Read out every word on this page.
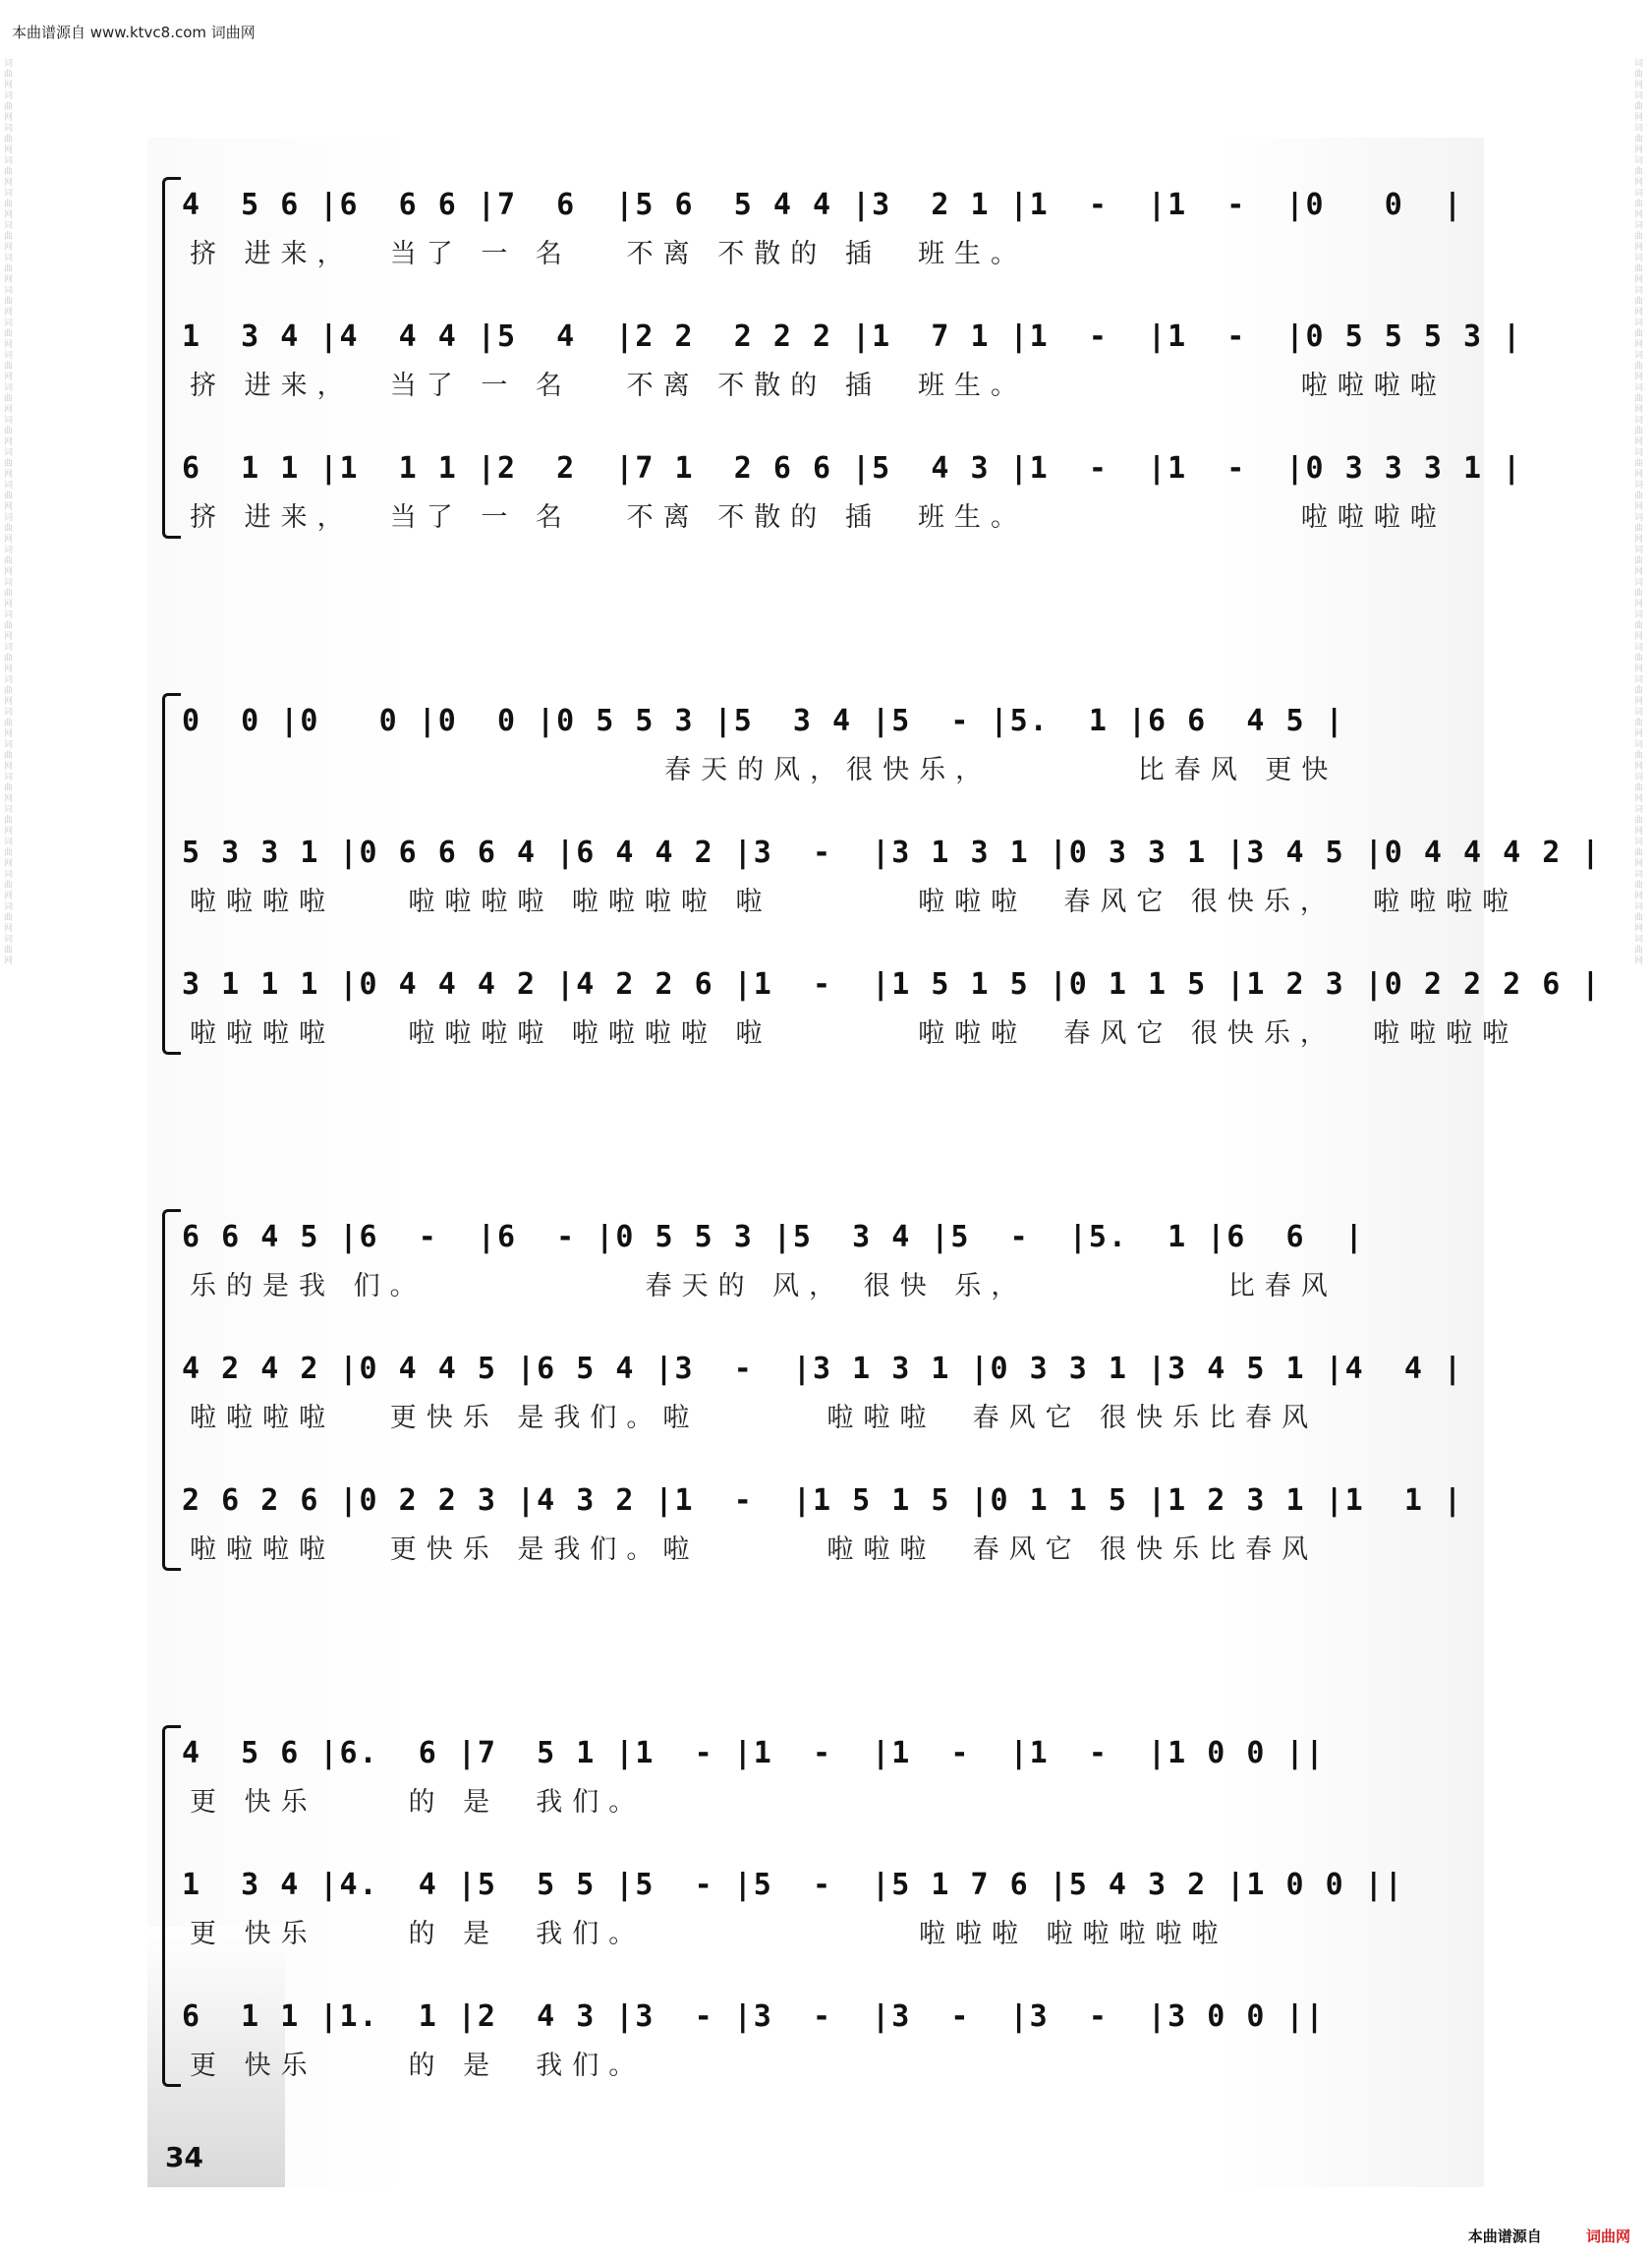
本曲谱源自 www.ktvc8.com 词曲网
词曲网词曲网词曲网词曲网词曲网词曲网词曲网词曲网词曲网词曲网词曲网词曲网词曲网词曲网词曲网词曲网词曲网词曲网词曲网词曲网词曲网词曲网词曲网词曲网词曲网词曲网词曲网词曲网
词曲网词曲网词曲网词曲网词曲网词曲网词曲网词曲网词曲网词曲网词曲网词曲网词曲网词曲网词曲网词曲网词曲网词曲网词曲网词曲网词曲网词曲网词曲网词曲网词曲网词曲网词曲网词曲网
4  5 6 |6  6 6 |7  6  |5 6  5 4 4 |3  2 1 |1  -  |1  -  |0   0  |
挤 进来，  当了 一 名   不离 不散的 插  班生。
1  3 4 |4  4 4 |5  4  |2 2  2 2 2 |1  7 1 |1  -  |1  -  |0 5 5 5 3 |
挤 进来，  当了 一 名   不离 不散的 插  班生。               啦啦啦啦
6  1 1 |1  1 1 |2  2  |7 1  2 6 6 |5  4 3 |1  -  |1  -  |0 3 3 3 1 |
挤 进来，  当了 一 名   不离 不散的 插  班生。               啦啦啦啦
0  0 |0   0 |0  0 |0 5 5 3 |5  3 4 |5  - |5.  1 |6 6  4 5 |
春天的风，很快乐，        比春风 更快
5 3 3 1 |0 6 6 6 4 |6 4 4 2 |3  -  |3 1 3 1 |0 3 3 1 |3 4 5 |0 4 4 4 2 |
啦啦啦啦    啦啦啦啦 啦啦啦啦 啦        啦啦啦  春风它 很快乐，  啦啦啦啦
3 1 1 1 |0 4 4 4 2 |4 2 2 6 |1  -  |1 5 1 5 |0 1 1 5 |1 2 3 |0 2 2 2 6 |
啦啦啦啦    啦啦啦啦 啦啦啦啦 啦        啦啦啦  春风它 很快乐，  啦啦啦啦
6 6 4 5 |6  -  |6  - |0 5 5 3 |5  3 4 |5  -  |5.  1 |6  6  |
乐的是我 们。            春天的 风， 很快 乐，           比春风
4 2 4 2 |0 4 4 5 |6 5 4 |3  -  |3 1 3 1 |0 3 3 1 |3 4 5 1 |4  4 |
啦啦啦啦   更快乐 是我们。啦       啦啦啦  春风它 很快乐比春风
2 6 2 6 |0 2 2 3 |4 3 2 |1  -  |1 5 1 5 |0 1 1 5 |1 2 3 1 |1  1 |
啦啦啦啦   更快乐 是我们。啦       啦啦啦  春风它 很快乐比春风
4  5 6 |6.  6 |7  5 1 |1  - |1  -  |1  -  |1  -  |1 0 0 ||
更 快乐     的 是  我们。
1  3 4 |4.  4 |5  5 5 |5  - |5  -  |5 1 7 6 |5 4 3 2 |1 0 0 ||
更 快乐     的 是  我们。               啦啦啦 啦啦啦啦啦
6  1 1 |1.  1 |2  4 3 |3  - |3  -  |3  -  |3  -  |3 0 0 ||
更 快乐     的 是  我们。
34
本曲谱源自	词曲网
